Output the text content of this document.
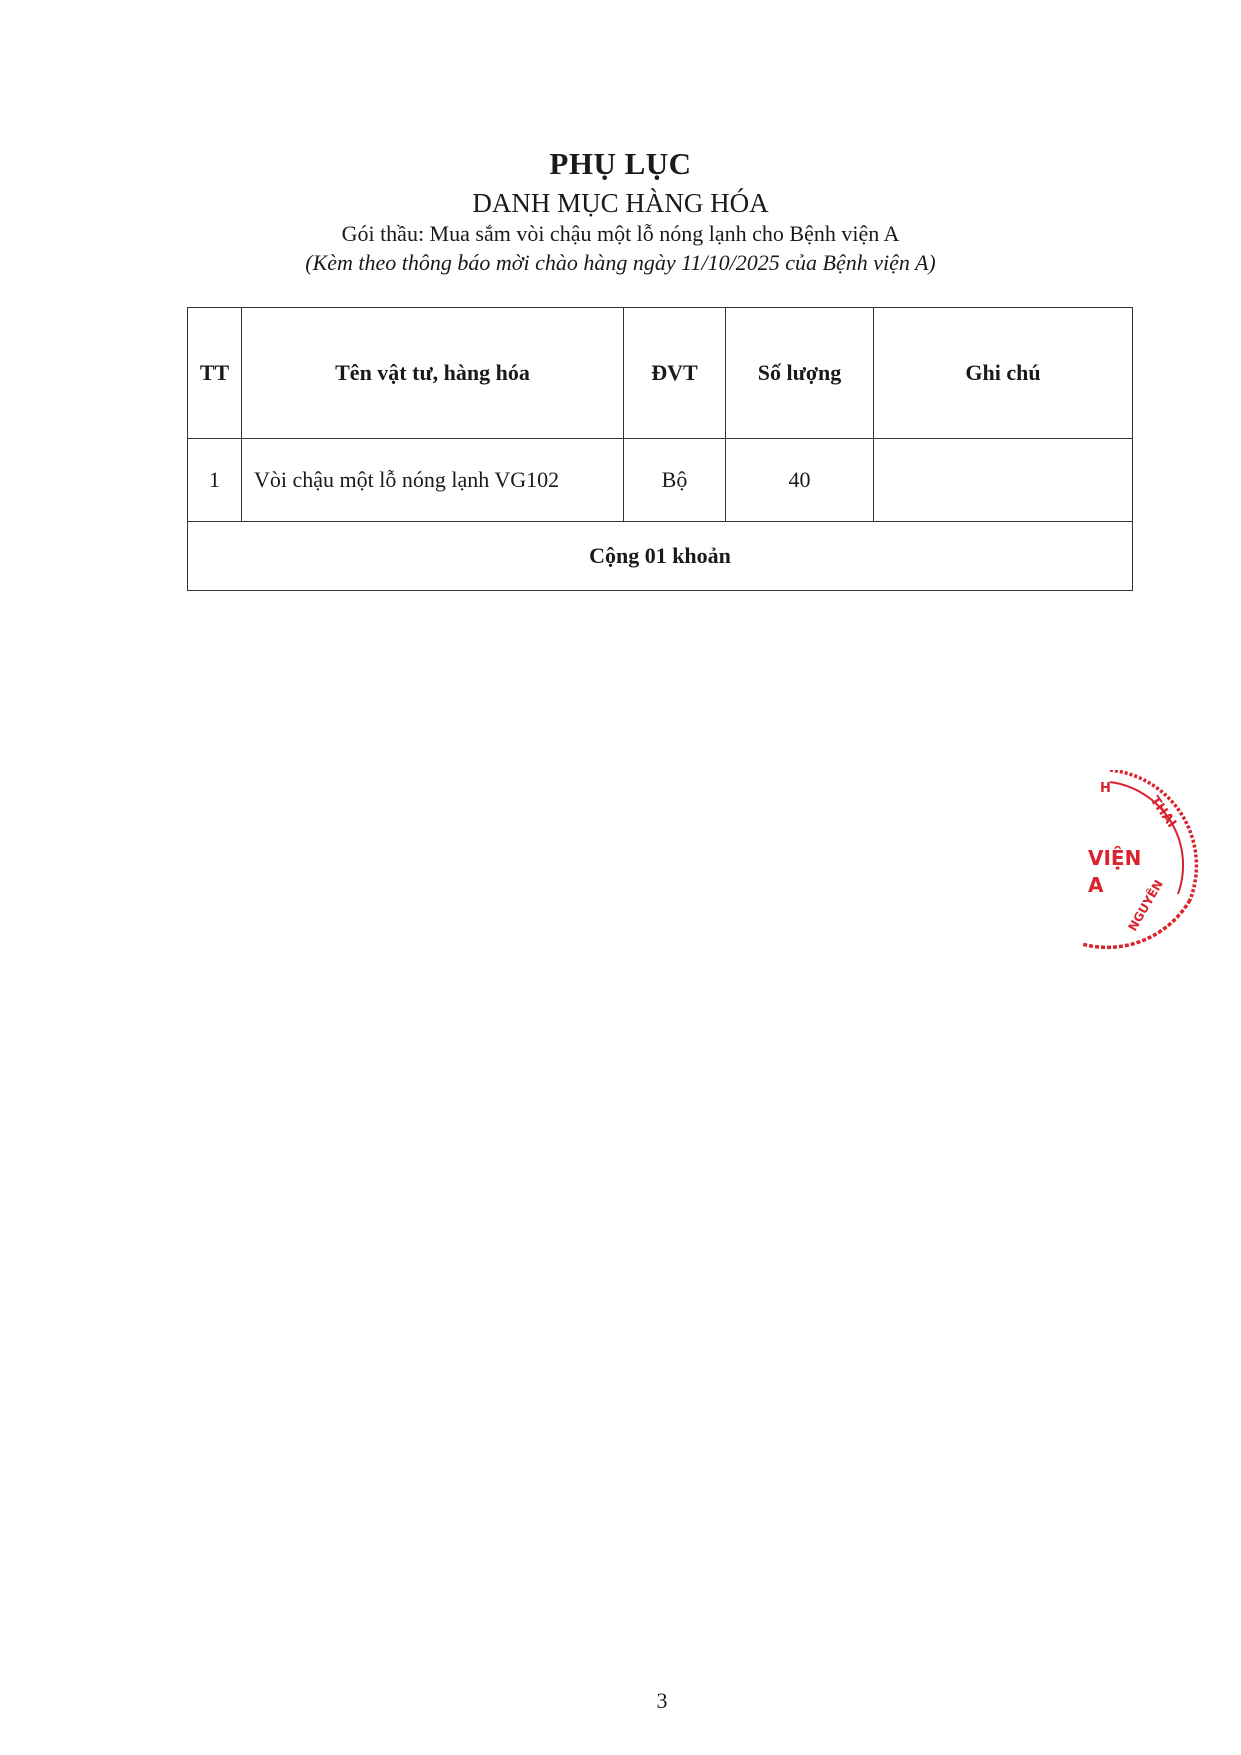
PHỤ LỤC
DANH MỤC HÀNG HÓA
Gói thầu: Mua sắm vòi chậu một lỗ nóng lạnh cho Bệnh viện A
(Kèm theo thông báo mời chào hàng ngày 11/10/2025 của Bệnh viện A)
TT	Tên vật tư, hàng hóa	ĐVT	Số lượng	Ghi chú
1	Vòi chậu một lỗ nóng lạnh VG102	Bộ	40	
Cộng 01 khoản				
H
THAI
VIỆN
A NGUYÊN
3
